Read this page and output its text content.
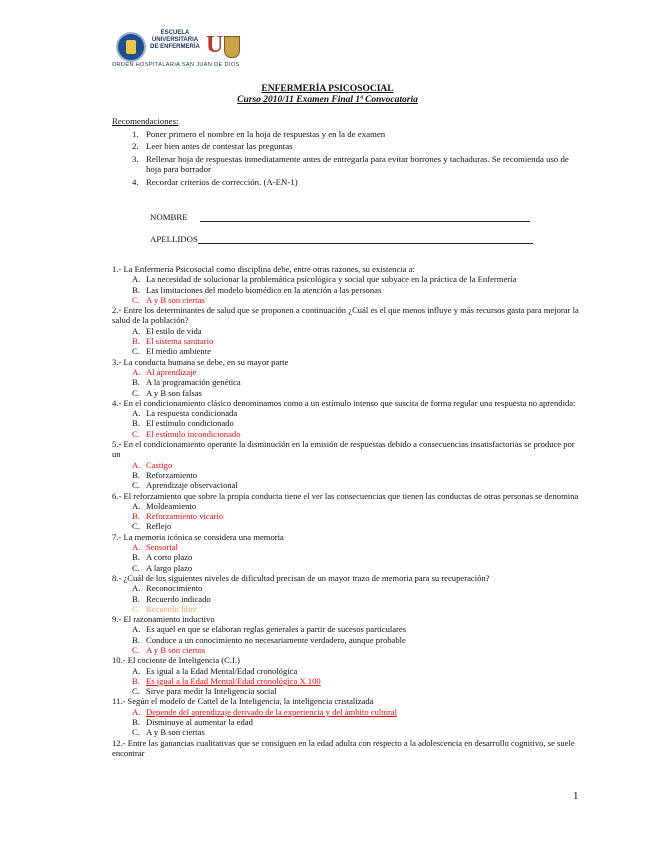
ESCUELA
UNIVERSITARIA
DE ENFERMERÍA U
ORDEN HOSPITALARIA SAN JUAN DE DIOS
ENFERMERÍA PSICOSOCIAL
Curso 2010/11 Examen Final 1ª Convocatoria
Recomendaciones:
1. Poner primero el nombre en la hoja de respuestas y en la de examen
2. Leer bien antes de contestar las preguntas
3. Rellenar hoja de respuestas inmediatamente antes de entregarla para evitar borrones y tachaduras. Se recomienda uso de hoja para borrador
4. Recordar criterios de corrección. (A-EN-1)
NOMBRE
APELLIDOS
1.- La Enfermería Psicosocial como disciplina debe, entre otras razones, su existencia a:
A. La necesidad de solucionar la problemática psicológica y social que subyace en la práctica de la Enfermería
B. Las limitaciones del modelo biomédico en la atención a las personas
C. A y B son ciertas
2.- Entre los determinantes de salud que se proponen a continuación ¿Cuál es el que menos influye y más recursos gasta para mejorar la salud de la población?
A. El estilo de vida
B. El sistema sanitario
C. El medio ambiente
3.- La conducta humana se debe, en su mayor parte
A. Al aprendizaje
B. A la programación genética
C. A y B son falsas
4.- En el condicionamiento clásico denominamos como a un estímulo intenso que suscita de forma regular una respuesta no aprendida:
A. La respuesta condicionada
B. El estímulo condicionado
C. El estímulo incondicionado
5.- En el condicionamiento operante la disminución en la emisión de respuestas debido a consecuencias insatisfactorias se produce por un
A. Castigo
B. Reforzamiento
C. Aprendizaje observacional
6.- El reforzamiento que sobre la propia conducta tiene el ver las consecuencias que tienen las conductas de otras personas se denomina
A. Moldeamiento
B. Reforzamiento vicario
C. Reflejo
7.- La memoria icónica se considera una memoria
A. Sensorial
B. A corto plazo
C. A largo plazo
8.- ¿Cuál de los siguientes niveles de dificultad precisan de un mayor trazo de memoria para su recuperación?
A. Reconocimiento
B. Recuerdo indicado
C. Recuerdo libre
9.- El razonamiento inductivo
A. Es aquel en que se elaboran reglas generales a partir de sucesos particulares
B. Conduce a un conocimiento no necesariamente verdadero, aunque probable
C. A y B son ciertos
10.- El cociente de Inteligencia (C.I.)
A. Es igual a la Edad Mental/Edad cronológica
B. Es igual a la Edad Mental/Edad cronológica X 100
C. Sirve para medir la Inteligencia social
11.- Según el modelo de Cattel de la Inteligencia, la inteligencia cristalizada
A. Depende del aprendizaje derivado de la experiencia y del ámbito cultural
B. Disminuye al aumentar la edad
C. A y B son ciertas
12.- Entre las ganancias cualitativas que se consiguen en la edad adulta con respecto a la adolescencia en desarrollo cognitivo, se suele encontrar
1
